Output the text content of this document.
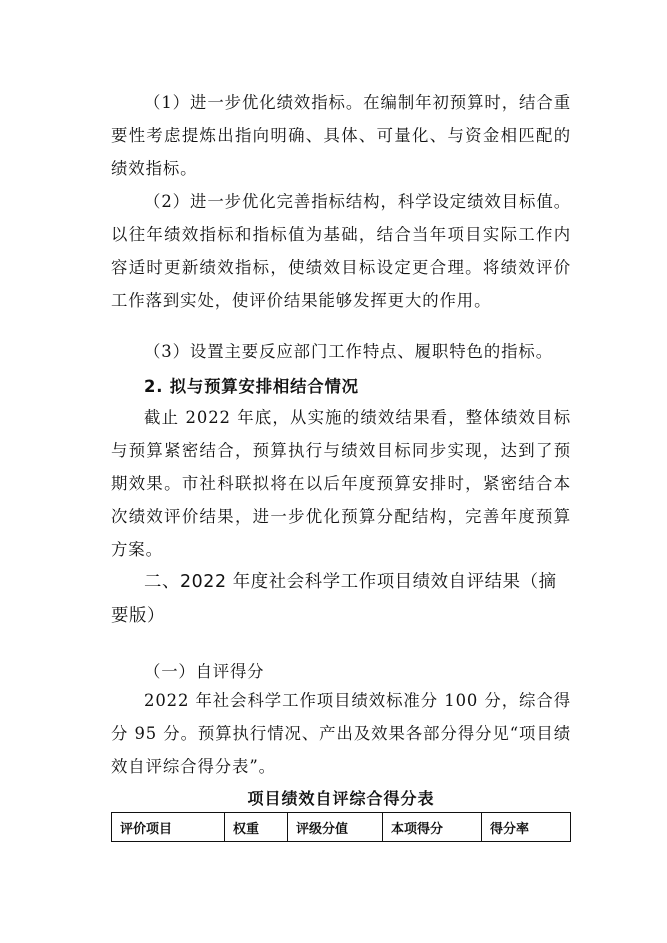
（1）进一步优化绩效指标。在编制年初预算时，结合重要性考虑提炼出指向明确、具体、可量化、与资金相匹配的绩效指标。

（2）进一步优化完善指标结构，科学设定绩效目标值。以往年绩效指标和指标值为基础，结合当年项目实际工作内容适时更新绩效指标，使绩效目标设定更合理。将绩效评价工作落到实处，使评价结果能够发挥更大的作用。

（3）设置主要反应部门工作特点、履职特色的指标。

2. 拟与预算安排相结合情况

截止 2022 年底，从实施的绩效结果看，整体绩效目标与预算紧密结合，预算执行与绩效目标同步实现，达到了预期效果。市社科联拟将在以后年度预算安排时，紧密结合本次绩效评价结果，进一步优化预算分配结构，完善年度预算方案。

二、2022 年度社会科学工作项目绩效自评结果（摘要版）

（一）自评得分

2022 年社会科学工作项目绩效标准分 100 分，综合得分 95 分。预算执行情况、产出及效果各部分得分见“项目绩效自评综合得分表”。

项目绩效自评综合得分表
评价项目	权重	评级分值	本项得分	得分率
